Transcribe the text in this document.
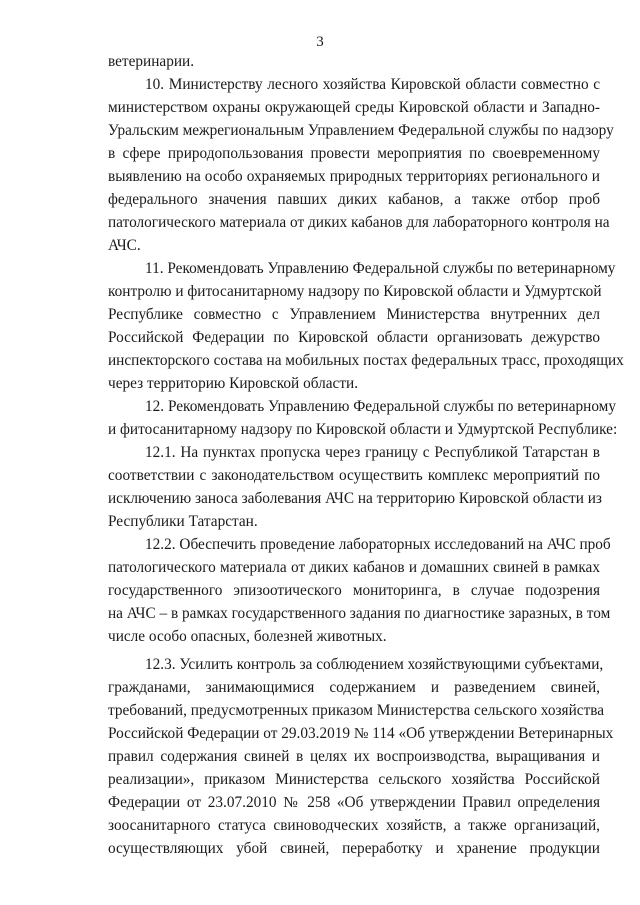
3
ветеринарии.
10. Министерству лесного хозяйства Кировской области совместно с
министерством охраны окружающей среды Кировской области и Западно-
Уральским межрегиональным Управлением Федеральной службы по надзору
в сфере природопользования провести мероприятия по своевременному
выявлению на особо охраняемых природных территориях регионального и
федерального значения павших диких кабанов, а также отбор проб
патологического материала от диких кабанов для лабораторного контроля на
АЧС.
11. Рекомендовать Управлению Федеральной службы по ветеринарному
контролю и фитосанитарному надзору по Кировской области и Удмуртской
Республике совместно с Управлением Министерства внутренних дел
Российской Федерации по Кировской области организовать дежурство
инспекторского состава на мобильных постах федеральных трасс, проходящих
через территорию Кировской области.
12. Рекомендовать Управлению Федеральной службы по ветеринарному
и фитосанитарному надзору по Кировской области и Удмуртской Республике:
12.1. На пунктах пропуска через границу с Республикой Татарстан в
соответствии с законодательством осуществить комплекс мероприятий по
исключению заноса заболевания АЧС на территорию Кировской области из
Республики Татарстан.
12.2. Обеспечить проведение лабораторных исследований на АЧС проб
патологического материала от диких кабанов и домашних свиней в рамках
государственного эпизоотического мониторинга, в случае подозрения
на АЧС – в рамках государственного задания по диагностике заразных, в том
числе особо опасных, болезней животных.
12.3. Усилить контроль за соблюдением хозяйствующими субъектами,
гражданами, занимающимися содержанием и разведением свиней,
требований, предусмотренных приказом Министерства сельского хозяйства
Российской Федерации от 29.03.2019 № 114 «Об утверждении Ветеринарных
правил содержания свиней в целях их воспроизводства, выращивания и
реализации», приказом Министерства сельского хозяйства Российской
Федерации от 23.07.2010 № 258 «Об утверждении Правил определения
зоосанитарного статуса свиноводческих хозяйств, а также организаций,
осуществляющих убой свиней, переработку и хранение продукции
